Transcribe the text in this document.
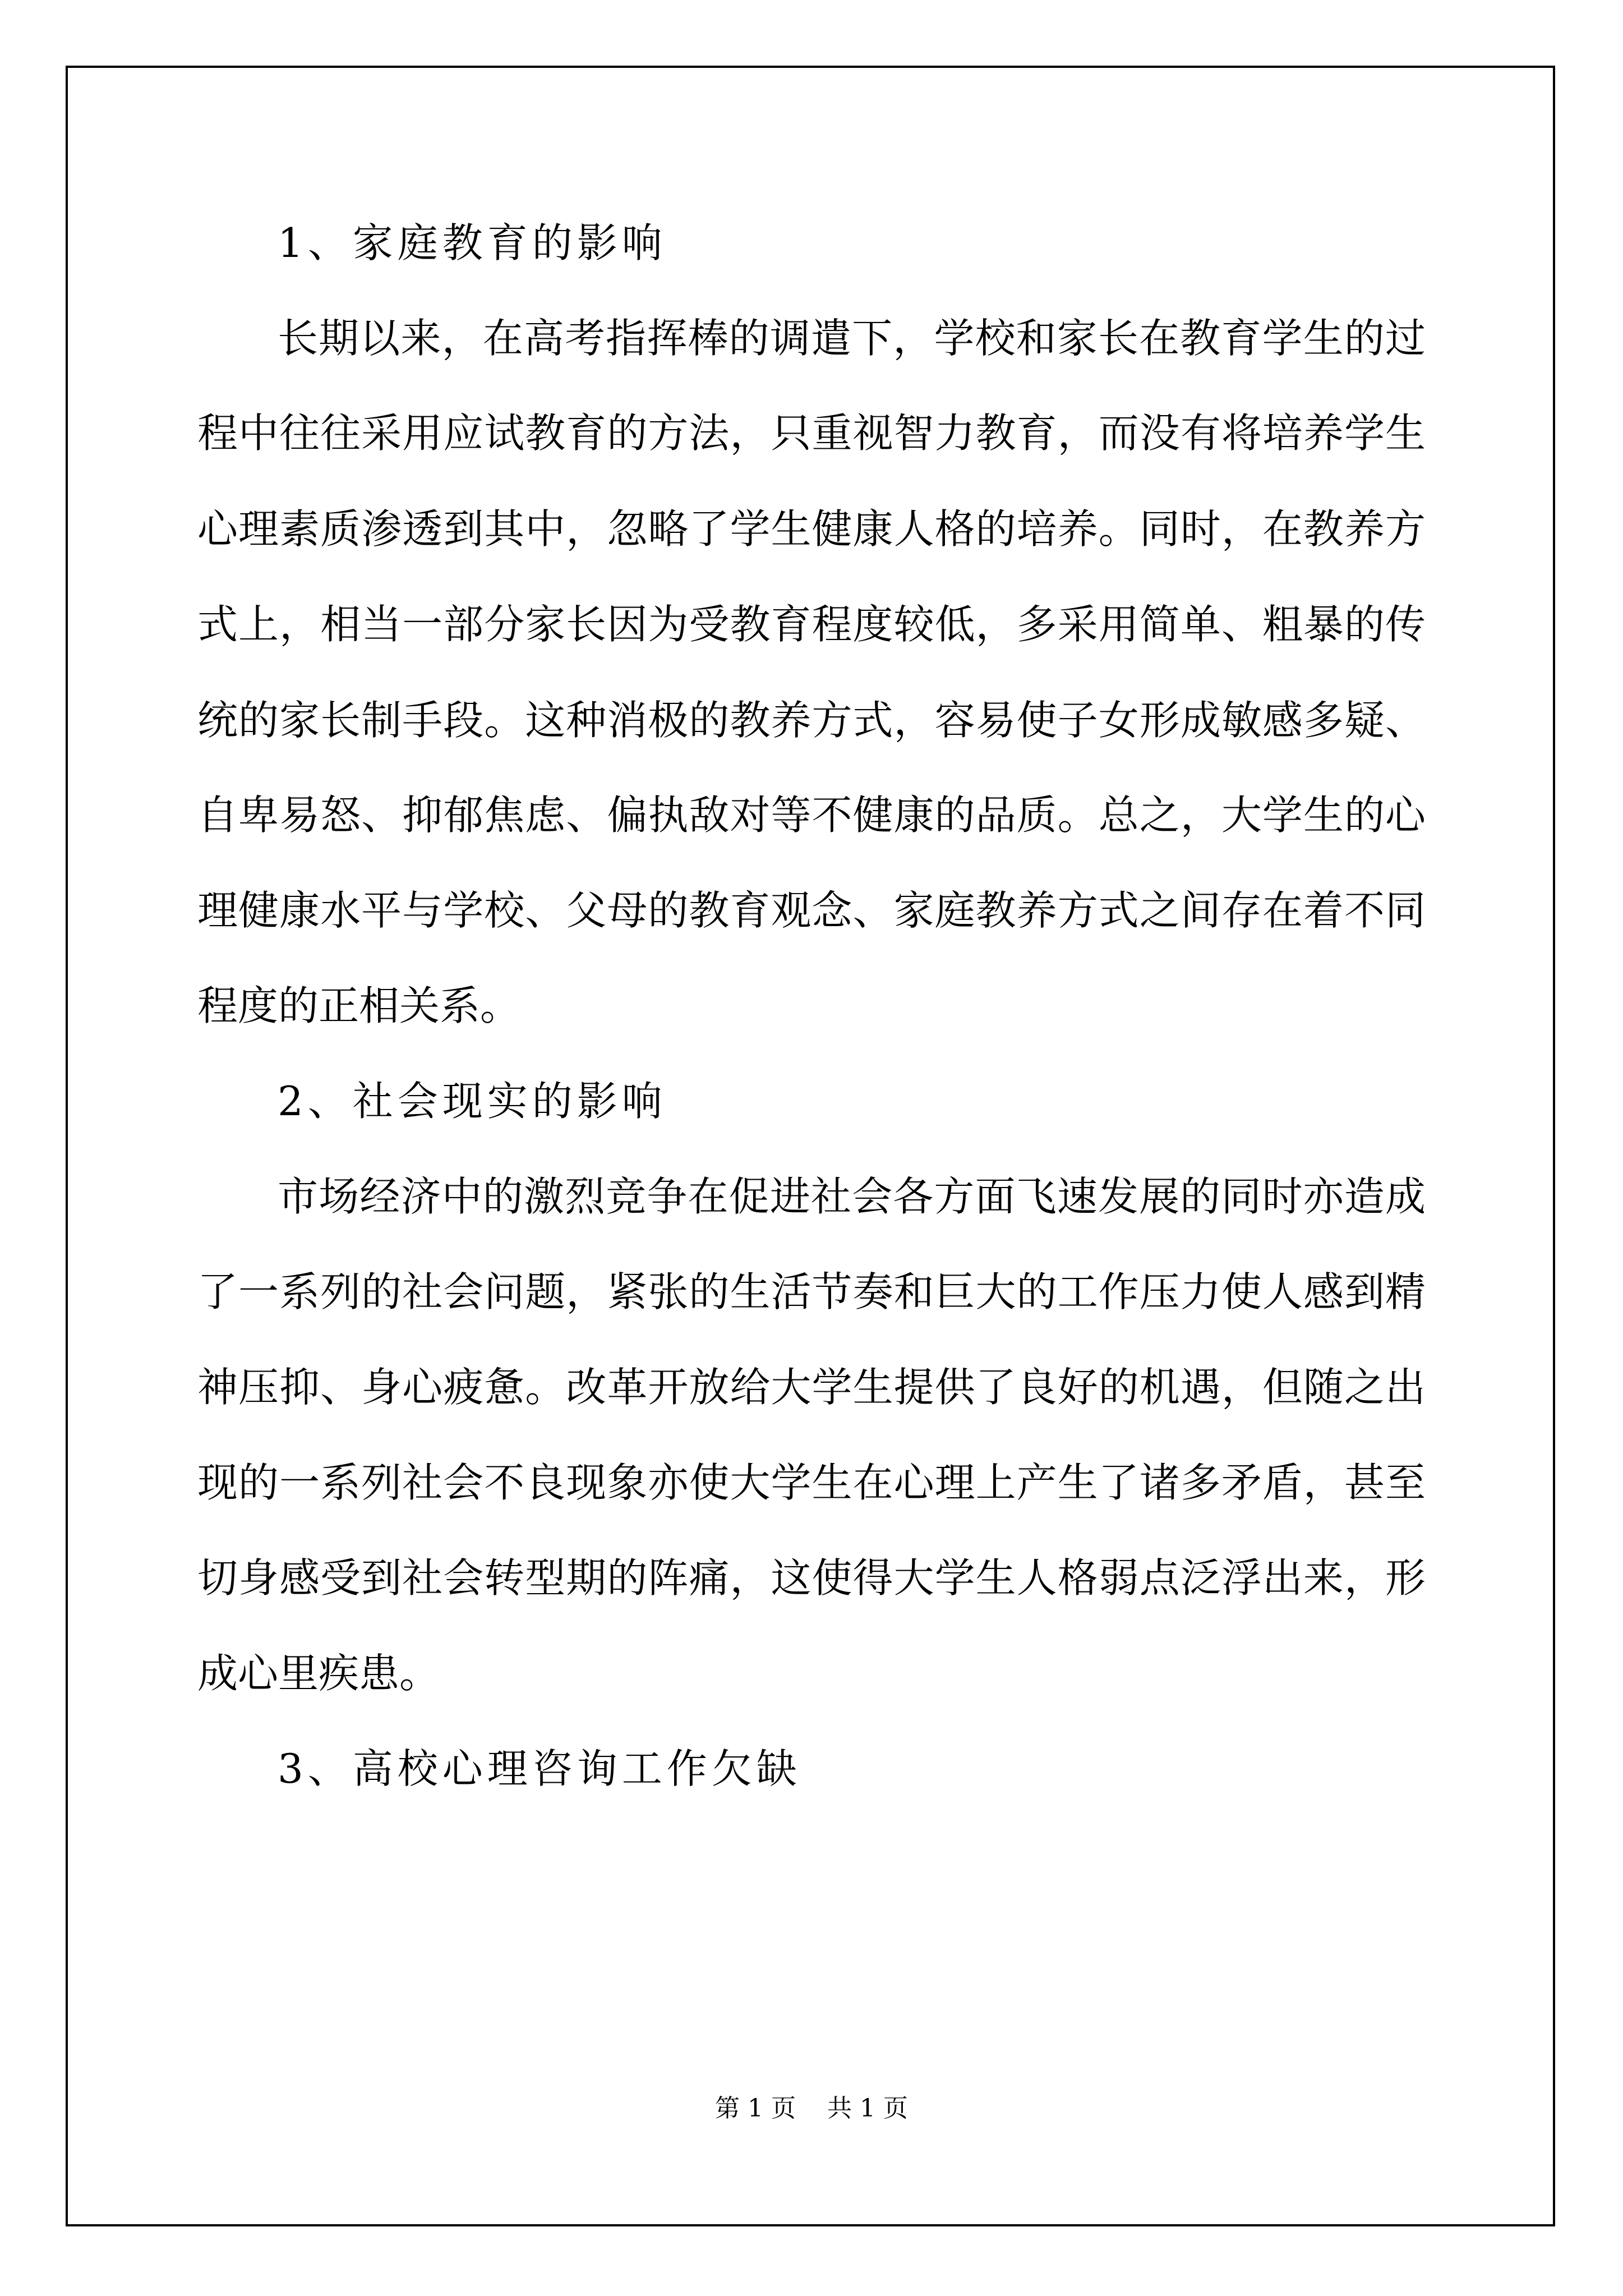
1、家庭教育的影响
长期以来，在高考指挥棒的调遣下，学校和家长在教育学生的过
程中往往采用应试教育的方法，只重视智力教育，而没有将培养学生
心理素质渗透到其中，忽略了学生健康人格的培养。同时，在教养方
式上，相当一部分家长因为受教育程度较低，多采用简单、粗暴的传
统的家长制手段。这种消极的教养方式，容易使子女形成敏感多疑、
自卑易怒、抑郁焦虑、偏执敌对等不健康的品质。总之，大学生的心
理健康水平与学校、父母的教育观念、家庭教养方式之间存在着不同
程度的正相关系。
2、社会现实的影响
市场经济中的激烈竞争在促进社会各方面飞速发展的同时亦造成
了一系列的社会问题，紧张的生活节奏和巨大的工作压力使人感到精
神压抑、身心疲惫。改革开放给大学生提供了良好的机遇，但随之出
现的一系列社会不良现象亦使大学生在心理上产生了诸多矛盾，甚至
切身感受到社会转型期的阵痛，这使得大学生人格弱点泛浮出来，形
成心里疾患。
3、高校心理咨询工作欠缺
第 1 页    共 1 页
